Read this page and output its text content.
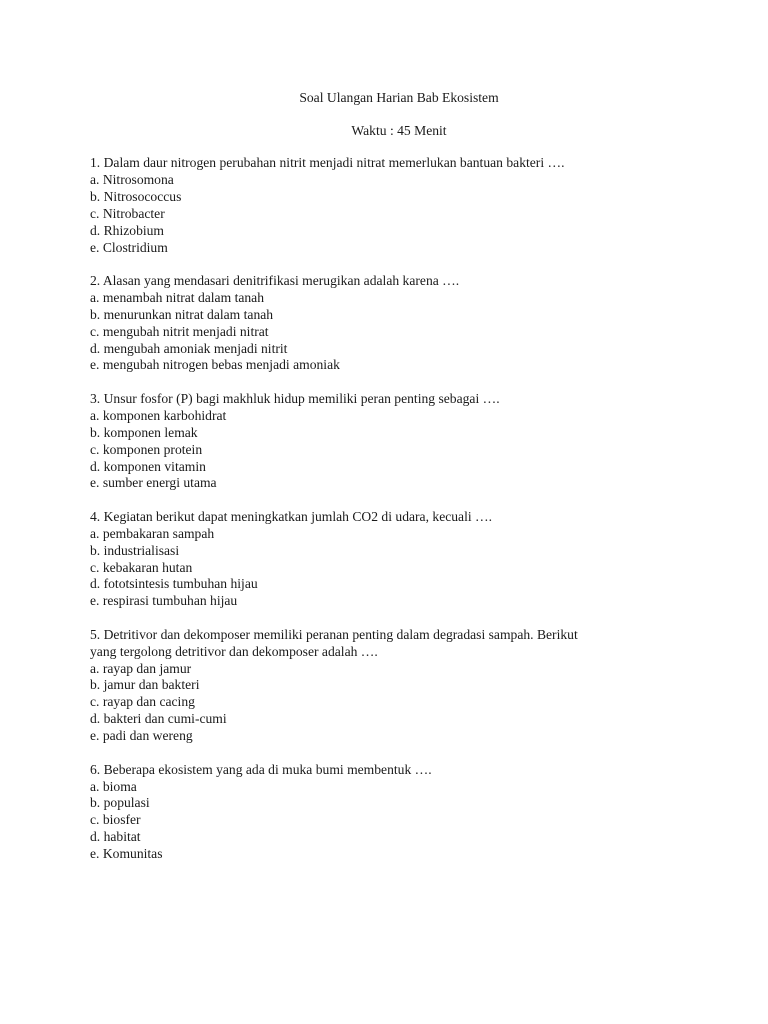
Soal Ulangan Harian Bab Ekosistem

Waktu : 45 Menit

1. Dalam daur nitrogen perubahan nitrit menjadi nitrat memerlukan bantuan bakteri ….
a. Nitrosomona
b. Nitrosococcus
c. Nitrobacter
d. Rhizobium
e. Clostridium
2. Alasan yang mendasari denitrifikasi merugikan adalah karena ….
a. menambah nitrat dalam tanah
b. menurunkan nitrat dalam tanah
c. mengubah nitrit menjadi nitrat
d. mengubah amoniak menjadi nitrit
e. mengubah nitrogen bebas menjadi amoniak
3. Unsur fosfor (P) bagi makhluk hidup memiliki peran penting sebagai ….
a. komponen karbohidrat
b. komponen lemak
c. komponen protein
d. komponen vitamin
e. sumber energi utama
4. Kegiatan berikut dapat meningkatkan jumlah CO2 di udara, kecuali ….
a. pembakaran sampah
b. industrialisasi
c. kebakaran hutan
d. fototsintesis tumbuhan hijau
e. respirasi tumbuhan hijau
5. Detritivor dan dekomposer memiliki peranan penting dalam degradasi sampah. Berikut
yang tergolong detritivor dan dekomposer adalah ….
a. rayap dan jamur
b. jamur dan bakteri
c. rayap dan cacing
d. bakteri dan cumi-cumi
e. padi dan wereng
6. Beberapa ekosistem yang ada di muka bumi membentuk ….
a. bioma
b. populasi
c. biosfer
d. habitat
e. Komunitas
